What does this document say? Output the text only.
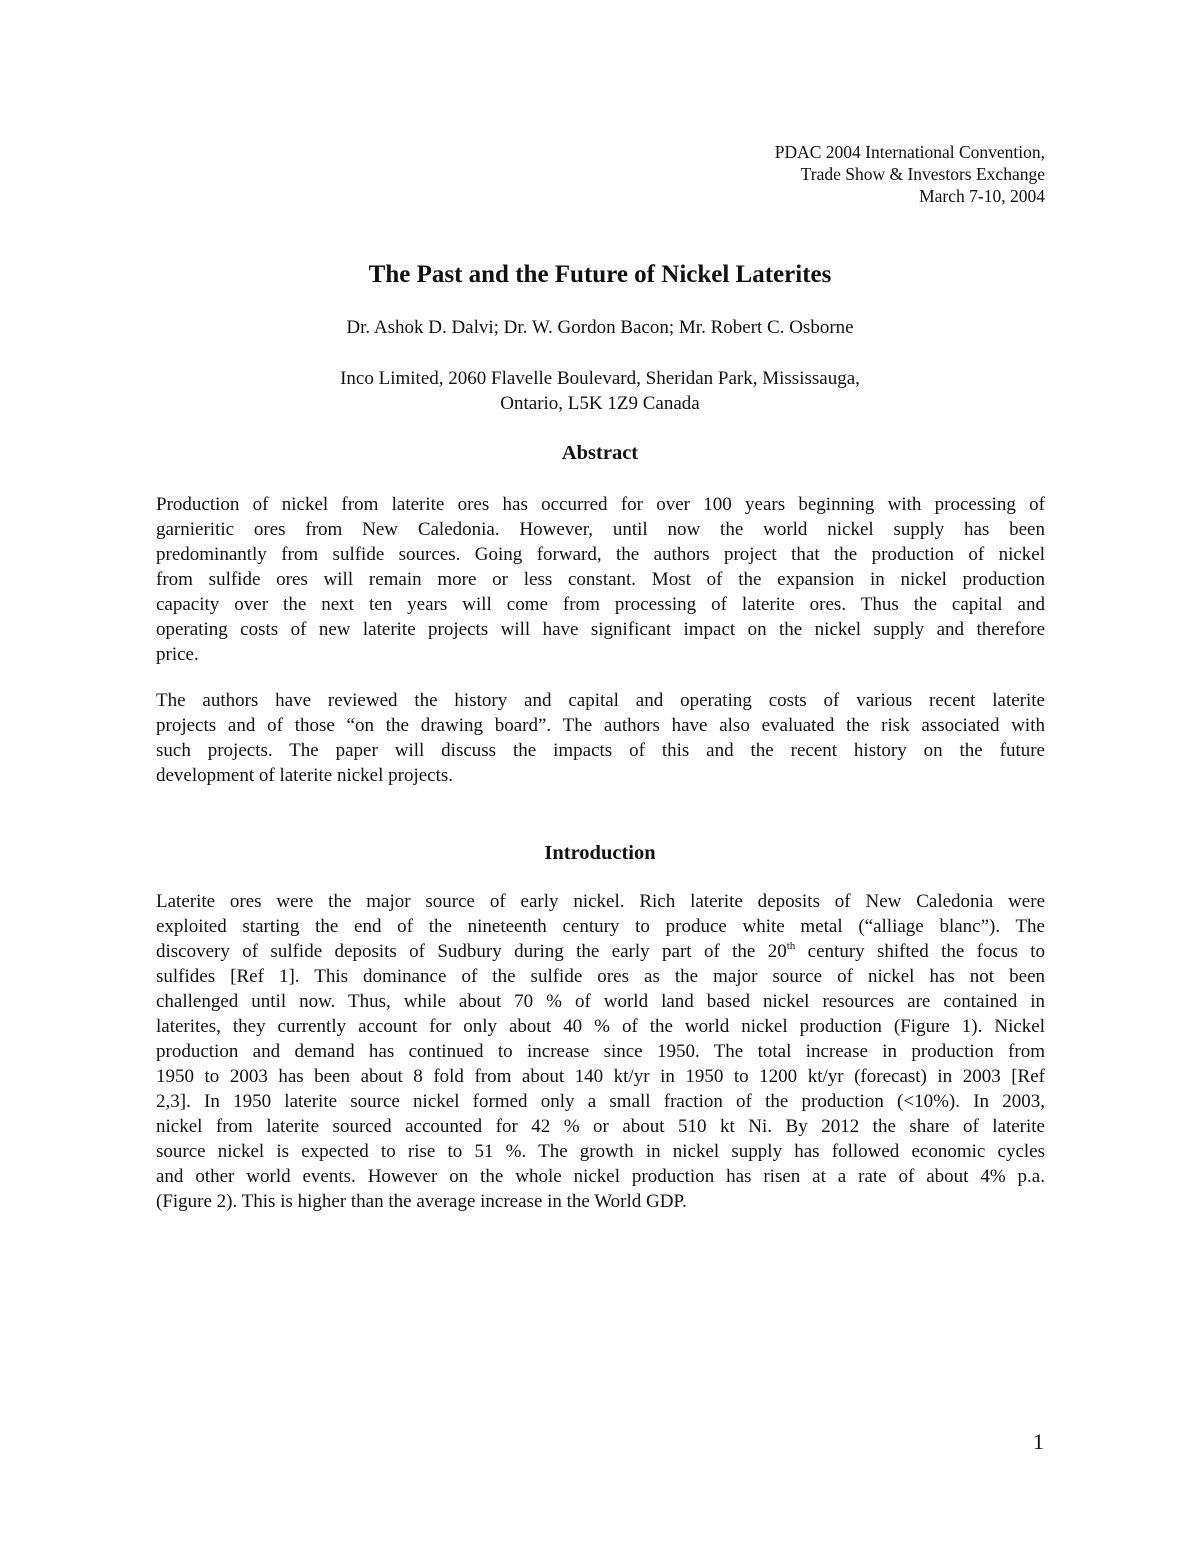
PDAC 2004 International Convention,
Trade Show & Investors Exchange
March 7-10, 2004
The Past and the Future of Nickel Laterites
Dr. Ashok D. Dalvi; Dr. W. Gordon Bacon; Mr. Robert C. Osborne
Inco Limited, 2060 Flavelle Boulevard, Sheridan Park, Mississauga,
Ontario, L5K 1Z9 Canada
Abstract
Production of nickel from laterite ores has occurred for over 100 years beginning with processing of
garnieritic ores from New Caledonia. However, until now the world nickel supply has been
predominantly from sulfide sources. Going forward, the authors project that the production of nickel
from sulfide ores will remain more or less constant. Most of the expansion in nickel production
capacity over the next ten years will come from processing of laterite ores. Thus the capital and
operating costs of new laterite projects will have significant impact on the nickel supply and therefore
price.
The authors have reviewed the history and capital and operating costs of various recent laterite
projects and of those “on the drawing board”. The authors have also evaluated the risk associated with
such projects. The paper will discuss the impacts of this and the recent history on the future
development of laterite nickel projects.
Introduction
Laterite ores were the major source of early nickel. Rich laterite deposits of New Caledonia were
exploited starting the end of the nineteenth century to produce white metal (“alliage blanc”). The
discovery of sulfide deposits of Sudbury during the early part of the 20th century shifted the focus to
sulfides [Ref 1]. This dominance of the sulfide ores as the major source of nickel has not been
challenged until now. Thus, while about 70 % of world land based nickel resources are contained in
laterites, they currently account for only about 40 % of the world nickel production (Figure 1). Nickel
production and demand has continued to increase since 1950. The total increase in production from
1950 to 2003 has been about 8 fold from about 140 kt/yr in 1950 to 1200 kt/yr (forecast) in 2003 [Ref
2,3]. In 1950 laterite source nickel formed only a small fraction of the production (<10%). In 2003,
nickel from laterite sourced accounted for 42 % or about 510 kt Ni. By 2012 the share of laterite
source nickel is expected to rise to 51 %. The growth in nickel supply has followed economic cycles
and other world events. However on the whole nickel production has risen at a rate of about 4% p.a.
(Figure 2). This is higher than the average increase in the World GDP.
1
